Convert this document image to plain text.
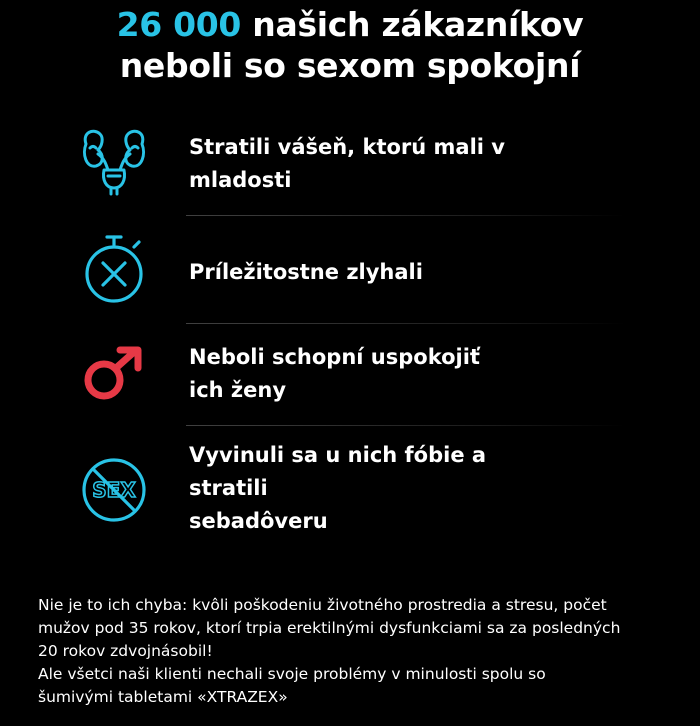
26 000 našich zákazníkov
neboli so sexom spokojní
Stratili vášeň, ktorú mali v
mladosti
Príležitostne zlyhali
Neboli schopní uspokojiť
ich ženy
SEX
Vyvinuli sa u nich fóbie a
stratili
sebadôveru
Nie je to ich chyba: kvôli poškodeniu životného prostredia a stresu, počet
mužov pod 35 rokov, ktorí trpia erektilnými dysfunkciami sa za posledných
20 rokov zdvojnásobil!
Ale všetci naši klienti nechali svoje problémy v minulosti spolu so
šumivými tabletami «XTRAZEX»
